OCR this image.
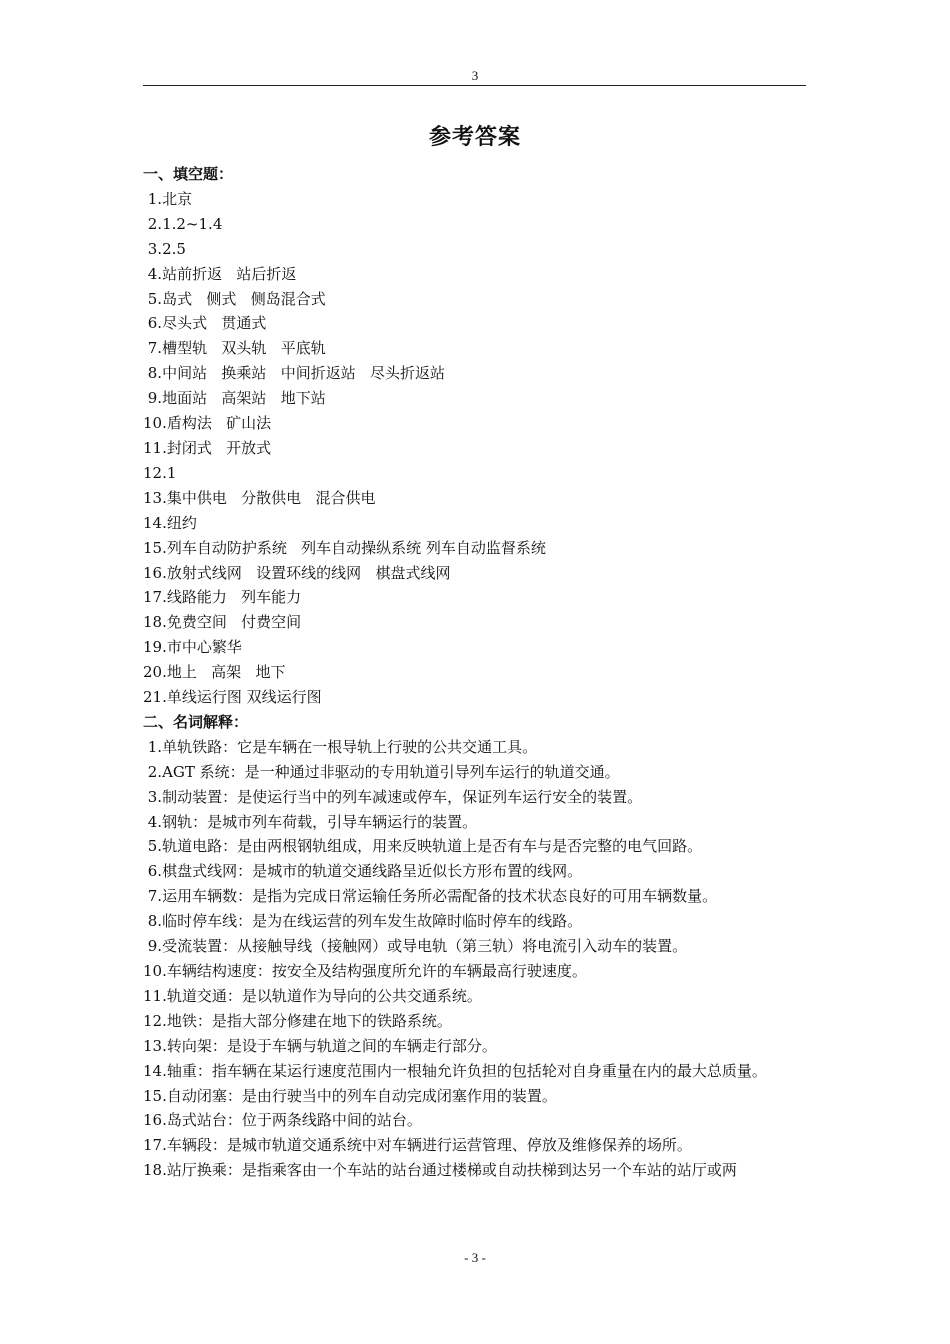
3
参考答案
一、填空题：
1.北京
2.1.2~1.4
3.2.5
4.站前折返   站后折返
5.岛式   侧式   侧岛混合式
6.尽头式   贯通式
7.槽型轨   双头轨   平底轨
8.中间站   换乘站   中间折返站   尽头折返站
9.地面站   高架站   地下站
10.盾构法   矿山法
11.封闭式   开放式
12.1
13.集中供电   分散供电   混合供电
14.纽约
15.列车自动防护系统   列车自动操纵系统 列车自动监督系统
16.放射式线网   设置环线的线网   棋盘式线网
17.线路能力   列车能力
18.免费空间   付费空间
19.市中心繁华
20.地上   高架   地下
21.单线运行图 双线运行图
二、名词解释：
1.单轨铁路：它是车辆在一根导轨上行驶的公共交通工具。
2.AGT 系统：是一种通过非驱动的专用轨道引导列车运行的轨道交通。
3.制动装置：是使运行当中的列车减速或停车，保证列车运行安全的装置。
4.钢轨：是城市列车荷载，引导车辆运行的装置。
5.轨道电路：是由两根钢轨组成，用来反映轨道上是否有车与是否完整的电气回路。
6.棋盘式线网：是城市的轨道交通线路呈近似长方形布置的线网。
7.运用车辆数：是指为完成日常运输任务所必需配备的技术状态良好的可用车辆数量。
8.临时停车线：是为在线运营的列车发生故障时临时停车的线路。
9.受流装置：从接触导线（接触网）或导电轨（第三轨）将电流引入动车的装置。
10.车辆结构速度：按安全及结构强度所允许的车辆最高行驶速度。
11.轨道交通：是以轨道作为导向的公共交通系统。
12.地铁：是指大部分修建在地下的铁路系统。
13.转向架：是设于车辆与轨道之间的车辆走行部分。
14.轴重：指车辆在某运行速度范围内一根轴允许负担的包括轮对自身重量在内的最大总质量。
15.自动闭塞：是由行驶当中的列车自动完成闭塞作用的装置。
16.岛式站台：位于两条线路中间的站台。
17.车辆段：是城市轨道交通系统中对车辆进行运营管理、停放及维修保养的场所。
18.站厅换乘：是指乘客由一个车站的站台通过楼梯或自动扶梯到达另一个车站的站厅或两
- 3 -
